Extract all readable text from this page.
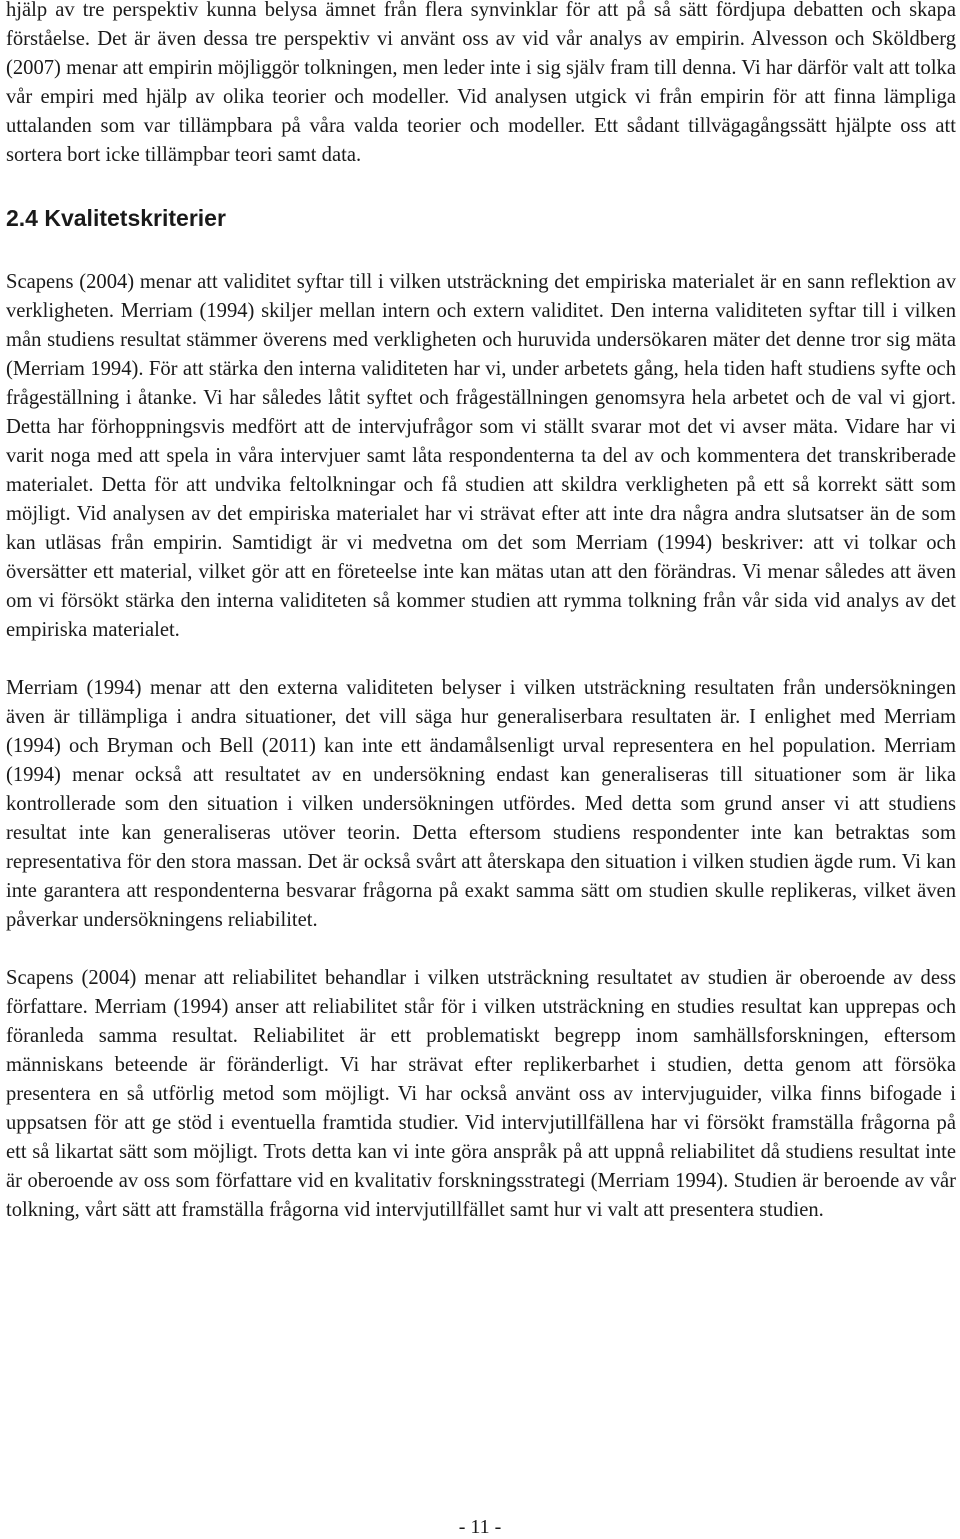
hjälp av tre perspektiv kunna belysa ämnet från flera synvinklar för att på så sätt fördjupa debatten och skapa förståelse. Det är även dessa tre perspektiv vi använt oss av vid vår analys av empirin. Alvesson och Sköldberg (2007) menar att empirin möjliggör tolkningen, men leder inte i sig själv fram till denna. Vi har därför valt att tolka vår empiri med hjälp av olika teorier och modeller. Vid analysen utgick vi från empirin för att finna lämpliga uttalanden som var tillämpbara på våra valda teorier och modeller. Ett sådant tillvägagångssätt hjälpte oss att sortera bort icke tillämpbar teori samt data.

2.4 Kvalitetskriterier

Scapens (2004) menar att validitet syftar till i vilken utsträckning det empiriska materialet är en sann reflektion av verkligheten. Merriam (1994) skiljer mellan intern och extern validitet. Den interna validiteten syftar till i vilken mån studiens resultat stämmer överens med verkligheten och huruvida undersökaren mäter det denne tror sig mäta (Merriam 1994). För att stärka den interna validiteten har vi, under arbetets gång, hela tiden haft studiens syfte och frågeställning i åtanke. Vi har således låtit syftet och frågeställningen genomsyra hela arbetet och de val vi gjort. Detta har förhoppningsvis medfört att de intervjufrågor som vi ställt svarar mot det vi avser mäta. Vidare har vi varit noga med att spela in våra intervjuer samt låta respondenterna ta del av och kommentera det transkriberade materialet. Detta för att undvika feltolkningar och få studien att skildra verkligheten på ett så korrekt sätt som möjligt. Vid analysen av det empiriska materialet har vi strävat efter att inte dra några andra slutsatser än de som kan utläsas från empirin. Samtidigt är vi medvetna om det som Merriam (1994) beskriver: att vi tolkar och översätter ett material, vilket gör att en företeelse inte kan mätas utan att den förändras. Vi menar således att även om vi försökt stärka den interna validiteten så kommer studien att rymma tolkning från vår sida vid analys av det empiriska materialet.

Merriam (1994) menar att den externa validiteten belyser i vilken utsträckning resultaten från undersökningen även är tillämpliga i andra situationer, det vill säga hur generaliserbara resultaten är. I enlighet med Merriam (1994) och Bryman och Bell (2011) kan inte ett ändamålsenligt urval representera en hel population. Merriam (1994) menar också att resultatet av en undersökning endast kan generaliseras till situationer som är lika kontrollerade som den situation i vilken undersökningen utfördes. Med detta som grund anser vi att studiens resultat inte kan generaliseras utöver teorin. Detta eftersom studiens respondenter inte kan betraktas som representativa för den stora massan. Det är också svårt att återskapa den situation i vilken studien ägde rum. Vi kan inte garantera att respondenterna besvarar frågorna på exakt samma sätt om studien skulle replikeras, vilket även påverkar undersökningens reliabilitet.

Scapens (2004) menar att reliabilitet behandlar i vilken utsträckning resultatet av studien är oberoende av dess författare. Merriam (1994) anser att reliabilitet står för i vilken utsträckning en studies resultat kan upprepas och föranleda samma resultat. Reliabilitet är ett problematiskt begrepp inom samhällsforskningen, eftersom människans beteende är föränderligt. Vi har strävat efter replikerbarhet i studien, detta genom att försöka presentera en så utförlig metod som möjligt. Vi har också använt oss av intervjuguider, vilka finns bifogade i uppsatsen för att ge stöd i eventuella framtida studier. Vid intervjutillfällena har vi försökt framställa frågorna på ett så likartat sätt som möjligt. Trots detta kan vi inte göra anspråk på att uppnå reliabilitet då studiens resultat inte är oberoende av oss som författare vid en kvalitativ forskningsstrategi (Merriam 1994). Studien är beroende av vår tolkning, vårt sätt att framställa frågorna vid intervjutillfället samt hur vi valt att presentera studien.

- 11 -
